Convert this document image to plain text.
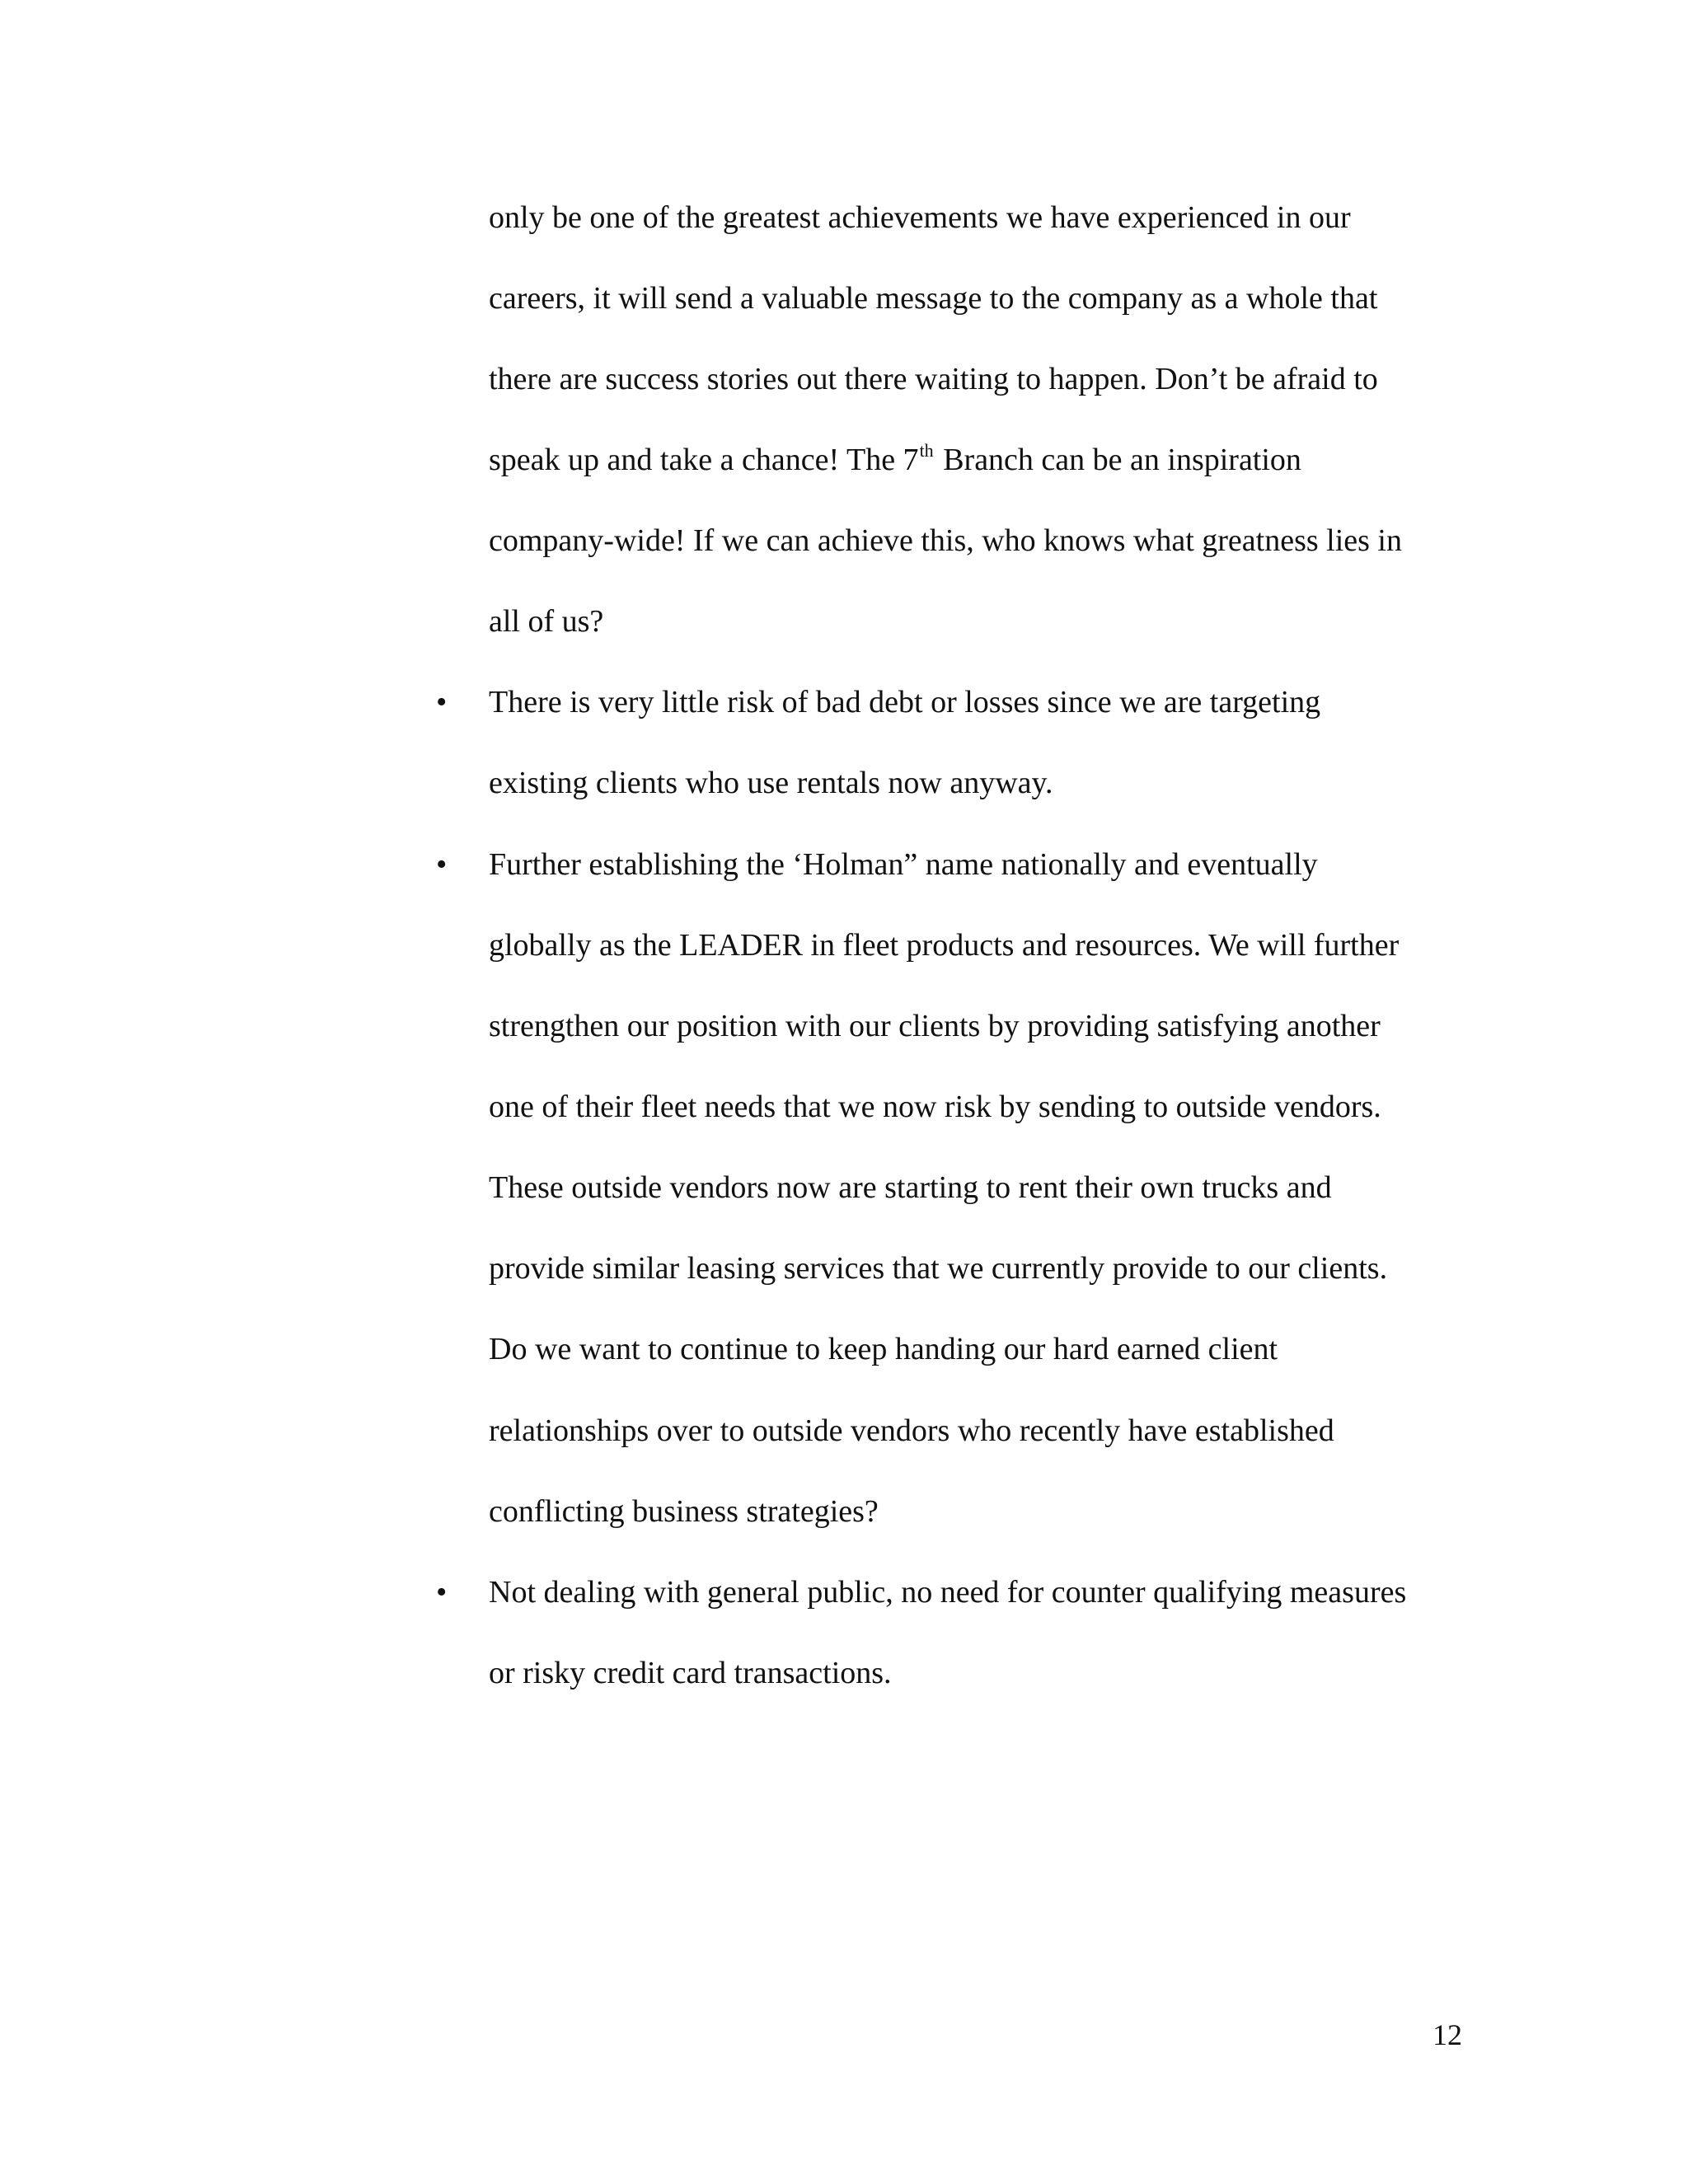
only be one of the greatest achievements we have experienced in our
careers, it will send a valuable message to the company as a whole that
there are success stories out there waiting to happen. Don’t be afraid to
speak up and take a chance! The 7th Branch can be an inspiration
company-wide! If we can achieve this, who knows what greatness lies in
all of us?
• There is very little risk of bad debt or losses since we are targeting
existing clients who use rentals now anyway.
• Further establishing the ‘Holman” name nationally and eventually
globally as the LEADER in fleet products and resources. We will further
strengthen our position with our clients by providing satisfying another
one of their fleet needs that we now risk by sending to outside vendors.
These outside vendors now are starting to rent their own trucks and
provide similar leasing services that we currently provide to our clients.
Do we want to continue to keep handing our hard earned client
relationships over to outside vendors who recently have established
conflicting business strategies?
• Not dealing with general public, no need for counter qualifying measures
or risky credit card transactions.
12
